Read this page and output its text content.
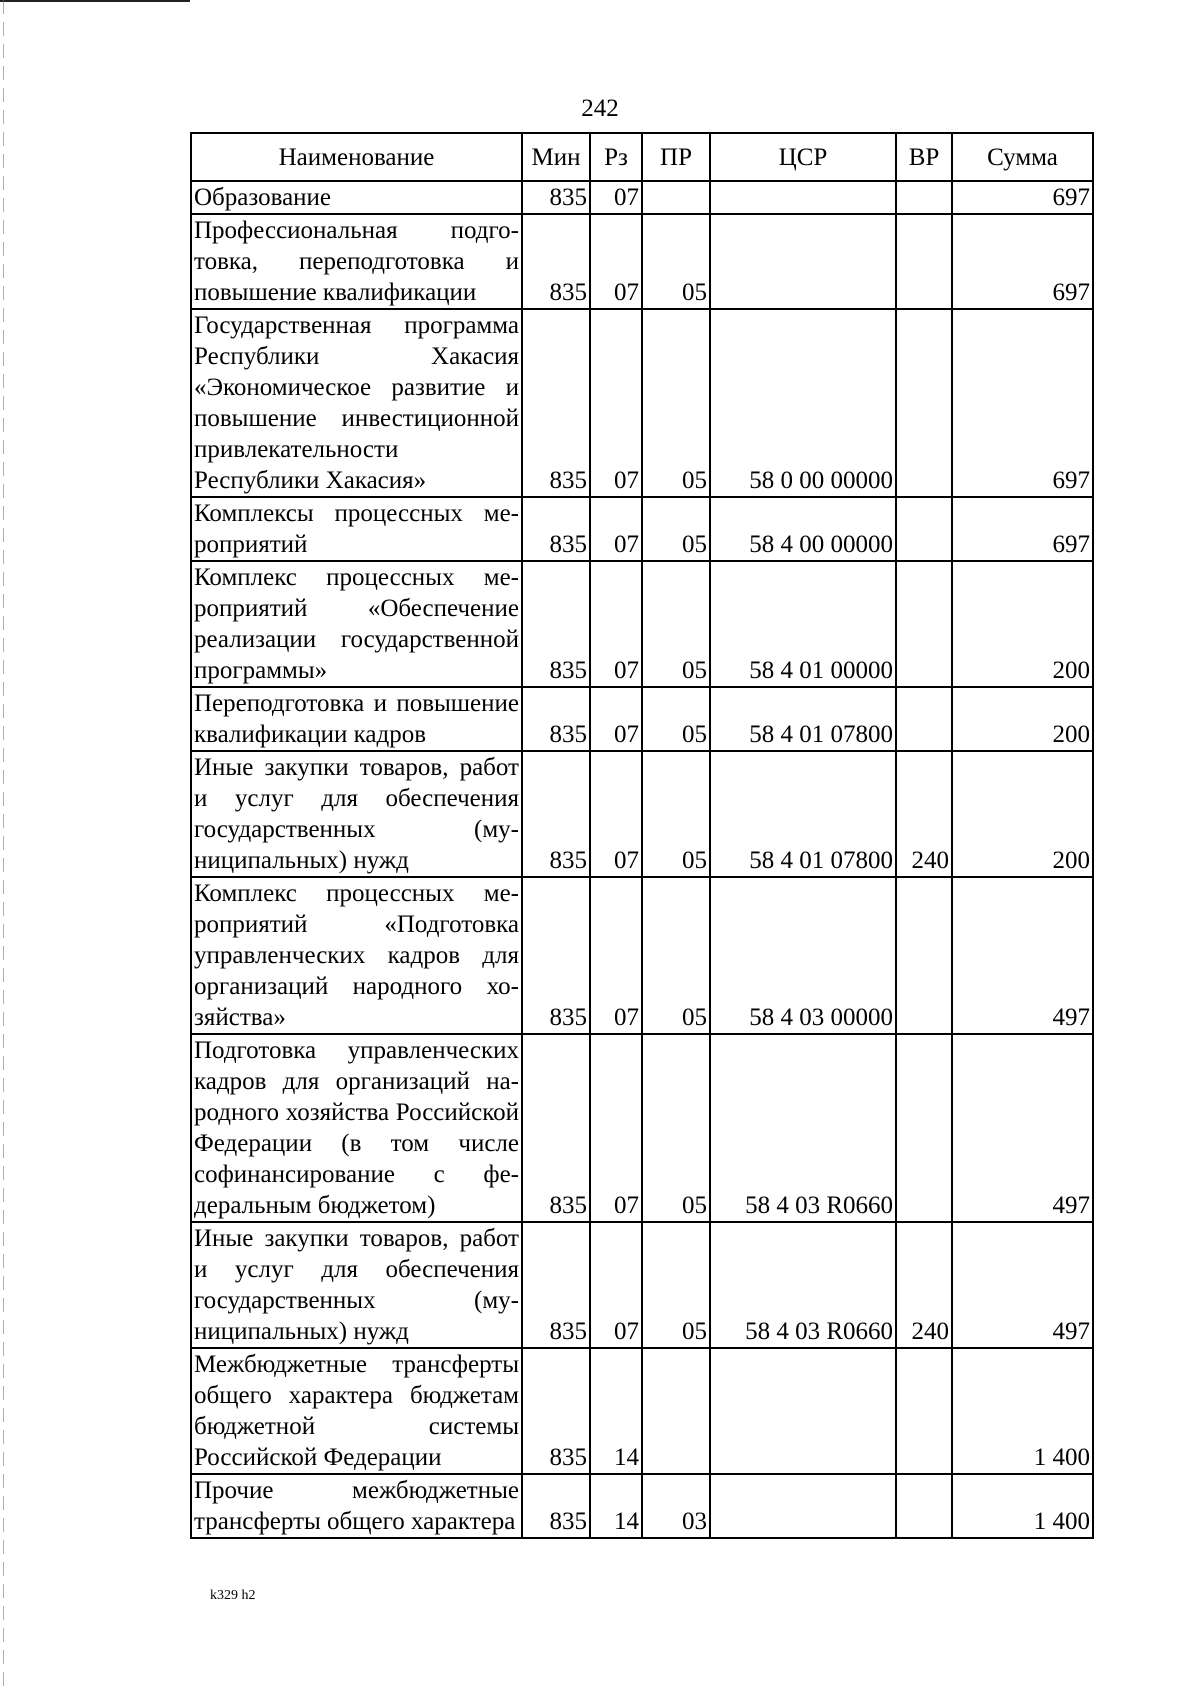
242
Наименование	Мин	Рз	ПР	ЦСР	ВР	Сумма
Образование	835	07				697
Профессиональная подготовка, переподготовка и повышение квалификации	835	07	05			697
Государственная программа Республики Хакасия «Экономическое развитие и повышение инвестиционной привлекательности Республики Хакасия»	835	07	05	58 0 00 00000		697
Комплексы процессных мероприятий	835	07	05	58 4 00 00000		697
Комплекс процессных мероприятий «Обеспечение реализации государственной программы»	835	07	05	58 4 01 00000		200
Переподготовка и повышение квалификации кадров	835	07	05	58 4 01 07800		200
Иные закупки товаров, работ и услуг для обеспечения государственных (муниципальных) нужд	835	07	05	58 4 01 07800	240	200
Комплекс процессных мероприятий «Подготовка управленческих кадров для организаций народного хозяйства»	835	07	05	58 4 03 00000		497
Подготовка управленческих кадров для организаций народного хозяйства Российской Федерации (в том числе софинансирование с федеральным бюджетом)	835	07	05	58 4 03 R0660		497
Иные закупки товаров, работ и услуг для обеспечения государственных (муниципальных) нужд	835	07	05	58 4 03 R0660	240	497
Межбюджетные трансферты общего характера бюджетам бюджетной системы Российской Федерации	835	14				1 400
Прочие межбюджетные трансферты общего характера	835	14	03			1 400
k329 h2
